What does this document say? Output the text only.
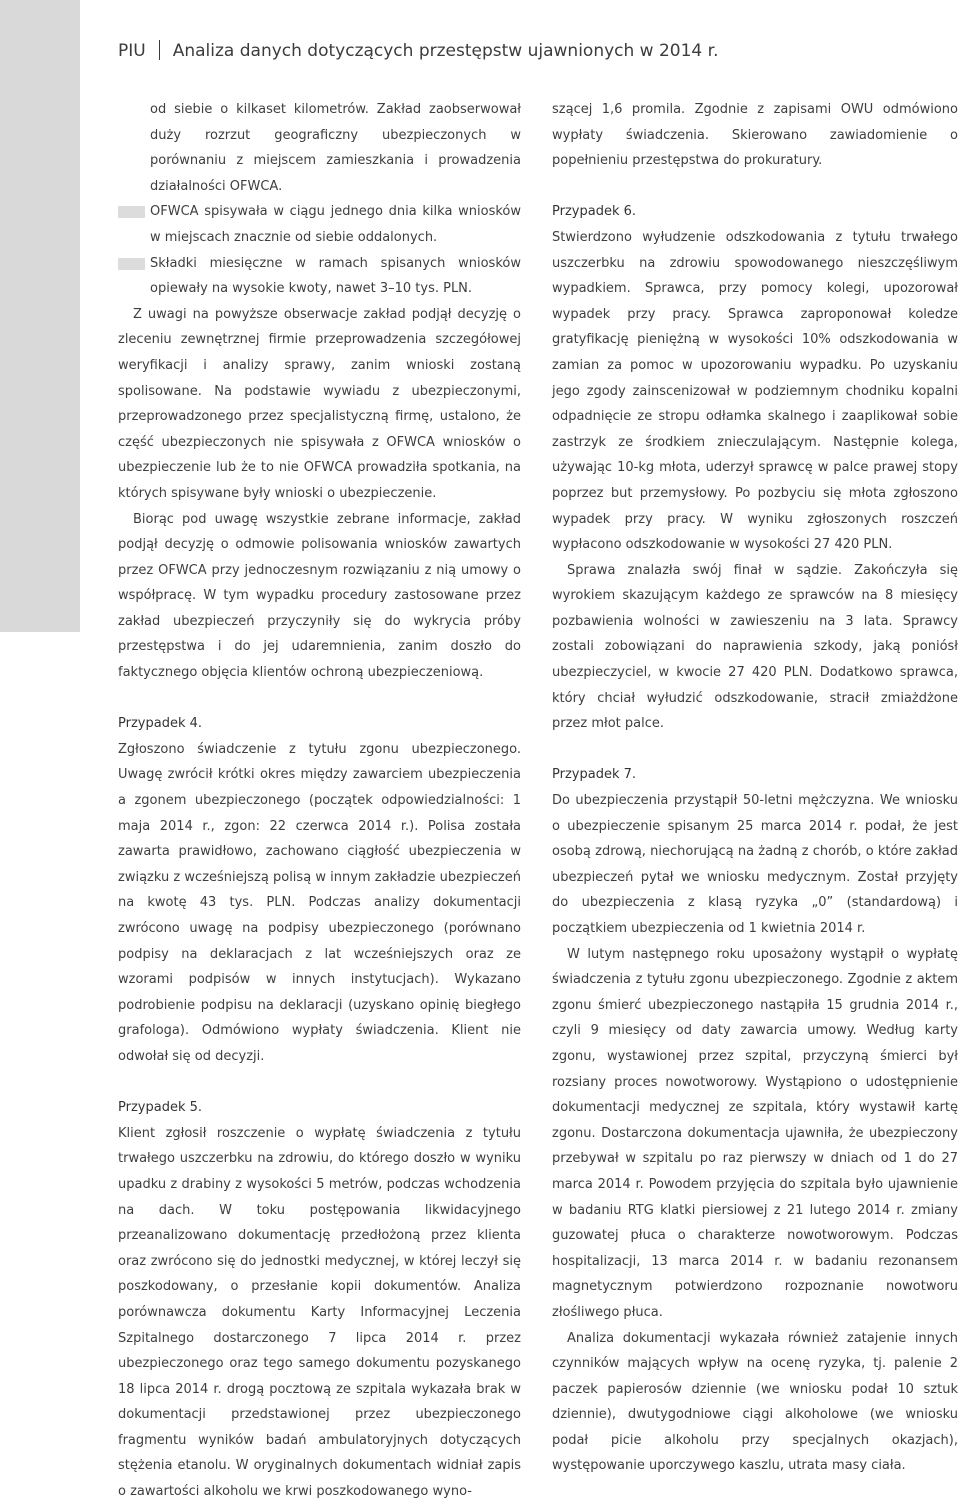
PIU Analiza danych dotyczących przestępstw ujawnionych w 2014 r.

od siebie o kilkaset kilometrów. Zakład zaobserwował duży rozrzut geograficzny ubezpieczonych w porównaniu z miejscem zamieszkania i prowadzenia działalności OFWCA.

OFWCA spisywała w ciągu jednego dnia kilka wniosków w miejscach znacznie od siebie oddalonych.

Składki miesięczne w ramach spisanych wniosków opiewały na wysokie kwoty, nawet 3–10 tys. PLN.

Z uwagi na powyższe obserwacje zakład podjął decyzję o zleceniu zewnętrznej firmie przeprowadzenia szczegółowej weryfikacji i analizy sprawy, zanim wnioski zostaną spolisowane. Na podstawie wywiadu z ubezpieczonymi, przeprowadzonego przez specjalistyczną firmę, ustalono, że część ubezpieczonych nie spisywała z OFWCA wniosków o ubezpieczenie lub że to nie OFWCA prowadziła spotkania, na których spisywane były wnioski o ubezpieczenie.

Biorąc pod uwagę wszystkie zebrane informacje, zakład podjął decyzję o odmowie polisowania wniosków zawartych przez OFWCA przy jednoczesnym rozwiązaniu z nią umowy o współpracę. W tym wypadku procedury zastosowane przez zakład ubezpieczeń przyczyniły się do wykrycia próby przestępstwa i do jej udaremnienia, zanim doszło do faktycznego objęcia klientów ochroną ubezpieczeniową.

Przypadek 4.

Zgłoszono świadczenie z tytułu zgonu ubezpieczonego. Uwagę zwrócił krótki okres między zawarciem ubezpieczenia a zgonem ubezpieczonego (początek odpowiedzialności: 1 maja 2014 r., zgon: 22 czerwca 2014 r.). Polisa została zawarta prawidłowo, zachowano ciągłość ubezpieczenia w związku z wcześniejszą polisą w innym zakładzie ubezpieczeń na kwotę 43 tys. PLN. Podczas analizy dokumentacji zwrócono uwagę na podpisy ubezpieczonego (porównano podpisy na deklaracjach z lat wcześniejszych oraz ze wzorami podpisów w innych instytucjach). Wykazano podrobienie podpisu na deklaracji (uzyskano opinię biegłego grafologa). Odmówiono wypłaty świadczenia. Klient nie odwołał się od decyzji.

Przypadek 5.

Klient zgłosił roszczenie o wypłatę świadczenia z tytułu trwałego uszczerbku na zdrowiu, do którego doszło w wyniku upadku z drabiny z wysokości 5 metrów, podczas wchodzenia na dach. W toku postępowania likwidacyjnego przeanalizowano dokumentację przedłożoną przez klienta oraz zwrócono się do jednostki medycznej, w której leczył się poszkodowany, o przesłanie kopii dokumentów. Analiza porównawcza dokumentu Karty Informacyjnej Leczenia Szpitalnego dostarczonego 7 lipca 2014 r. przez ubezpieczonego oraz tego samego dokumentu pozyskanego 18 lipca 2014 r. drogą pocztową ze szpitala wykazała brak w dokumentacji przedstawionej przez ubezpieczonego fragmentu wyników badań ambulatoryjnych dotyczących stężenia etanolu. W oryginalnych dokumentach widniał zapis o zawartości alkoholu we krwi poszkodowanego wyno-

szącej 1,6 promila. Zgodnie z zapisami OWU odmówiono wypłaty świadczenia. Skierowano zawiadomienie o popełnieniu przestępstwa do prokuratury.

Przypadek 6.

Stwierdzono wyłudzenie odszkodowania z tytułu trwałego uszczerbku na zdrowiu spowodowanego nieszczęśliwym wypadkiem. Sprawca, przy pomocy kolegi, upozorował wypadek przy pracy. Sprawca zaproponował koledze gratyfikację pieniężną w wysokości 10% odszkodowania w zamian za pomoc w upozorowaniu wypadku. Po uzyskaniu jego zgody zainscenizował w podziemnym chodniku kopalni odpadnięcie ze stropu odłamka skalnego i zaaplikował sobie zastrzyk ze środkiem znieczulającym. Następnie kolega, używając 10-kg młota, uderzył sprawcę w palce prawej stopy poprzez but przemysłowy. Po pozbyciu się młota zgłoszono wypadek przy pracy. W wyniku zgłoszonych roszczeń wypłacono odszkodowanie w wysokości 27 420 PLN.

Sprawa znalazła swój finał w sądzie. Zakończyła się wyrokiem skazującym każdego ze sprawców na 8 miesięcy pozbawienia wolności w zawieszeniu na 3 lata. Sprawcy zostali zobowiązani do naprawienia szkody, jaką poniósł ubezpieczyciel, w kwocie 27 420 PLN. Dodatkowo sprawca, który chciał wyłudzić odszkodowanie, stracił zmiażdżone przez młot palce.

Przypadek 7.

Do ubezpieczenia przystąpił 50-letni mężczyzna. We wniosku o ubezpieczenie spisanym 25 marca 2014 r. podał, że jest osobą zdrową, niechorującą na żadną z chorób, o które zakład ubezpieczeń pytał we wniosku medycznym. Został przyjęty do ubezpieczenia z klasą ryzyka „0” (standardową) i początkiem ubezpieczenia od 1 kwietnia 2014 r.

W lutym następnego roku uposażony wystąpił o wypłatę świadczenia z tytułu zgonu ubezpieczonego. Zgodnie z aktem zgonu śmierć ubezpieczonego nastąpiła 15 grudnia 2014 r., czyli 9 miesięcy od daty zawarcia umowy. Według karty zgonu, wystawionej przez szpital, przyczyną śmierci był rozsiany proces nowotworowy. Wystąpiono o udostępnienie dokumentacji medycznej ze szpitala, który wystawił kartę zgonu. Dostarczona dokumentacja ujawniła, że ubezpieczony przebywał w szpitalu po raz pierwszy w dniach od 1 do 27 marca 2014 r. Powodem przyjęcia do szpitala było ujawnienie w badaniu RTG klatki piersiowej z 21 lutego 2014 r. zmiany guzowatej płuca o charakterze nowotworowym. Podczas hospitalizacji, 13 marca 2014 r. w badaniu rezonansem magnetycznym potwierdzono rozpoznanie nowotworu złośliwego płuca.

Analiza dokumentacji wykazała również zatajenie innych czynników mających wpływ na ocenę ryzyka, tj. palenie 2 paczek papierosów dziennie (we wniosku podał 10 sztuk dziennie), dwutygodniowe ciągi alkoholowe (we wniosku podał picie alkoholu przy specjalnych okazjach), występowanie uporczywego kaszlu, utrata masy ciała.
